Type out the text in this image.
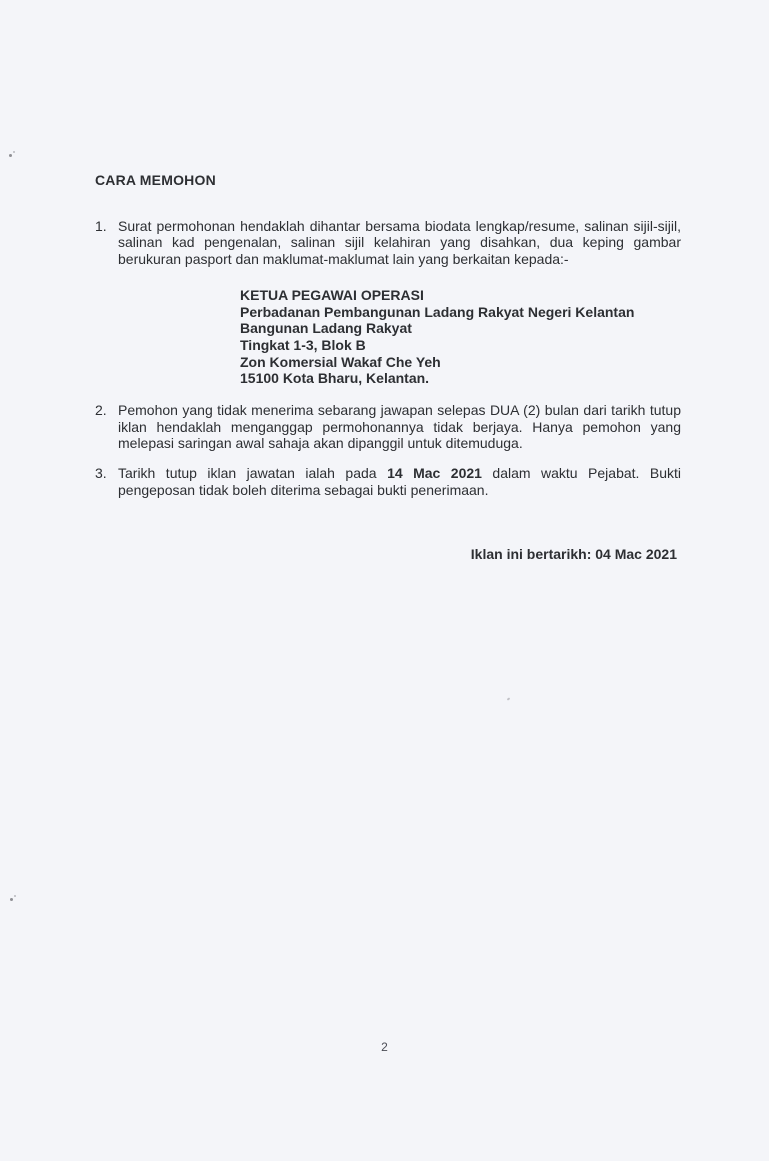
CARA MEMOHON
1. Surat permohonan hendaklah dihantar bersama biodata lengkap/resume, salinan sijil-sijil, salinan kad pengenalan, salinan sijil kelahiran yang disahkan, dua keping gambar berukuran pasport dan maklumat-maklumat lain yang berkaitan kepada:-
KETUA PEGAWAI OPERASI
Perbadanan Pembangunan Ladang Rakyat Negeri Kelantan
Bangunan Ladang Rakyat
Tingkat 1-3, Blok B
Zon Komersial Wakaf Che Yeh
15100 Kota Bharu, Kelantan.
2. Pemohon yang tidak menerima sebarang jawapan selepas DUA (2) bulan dari tarikh tutup iklan hendaklah menganggap permohonannya tidak berjaya. Hanya pemohon yang melepasi saringan awal sahaja akan dipanggil untuk ditemuduga.
3. Tarikh tutup iklan jawatan ialah pada 14 Mac 2021 dalam waktu Pejabat. Bukti pengeposan tidak boleh diterima sebagai bukti penerimaan.
Iklan ini bertarikh: 04 Mac 2021
2
